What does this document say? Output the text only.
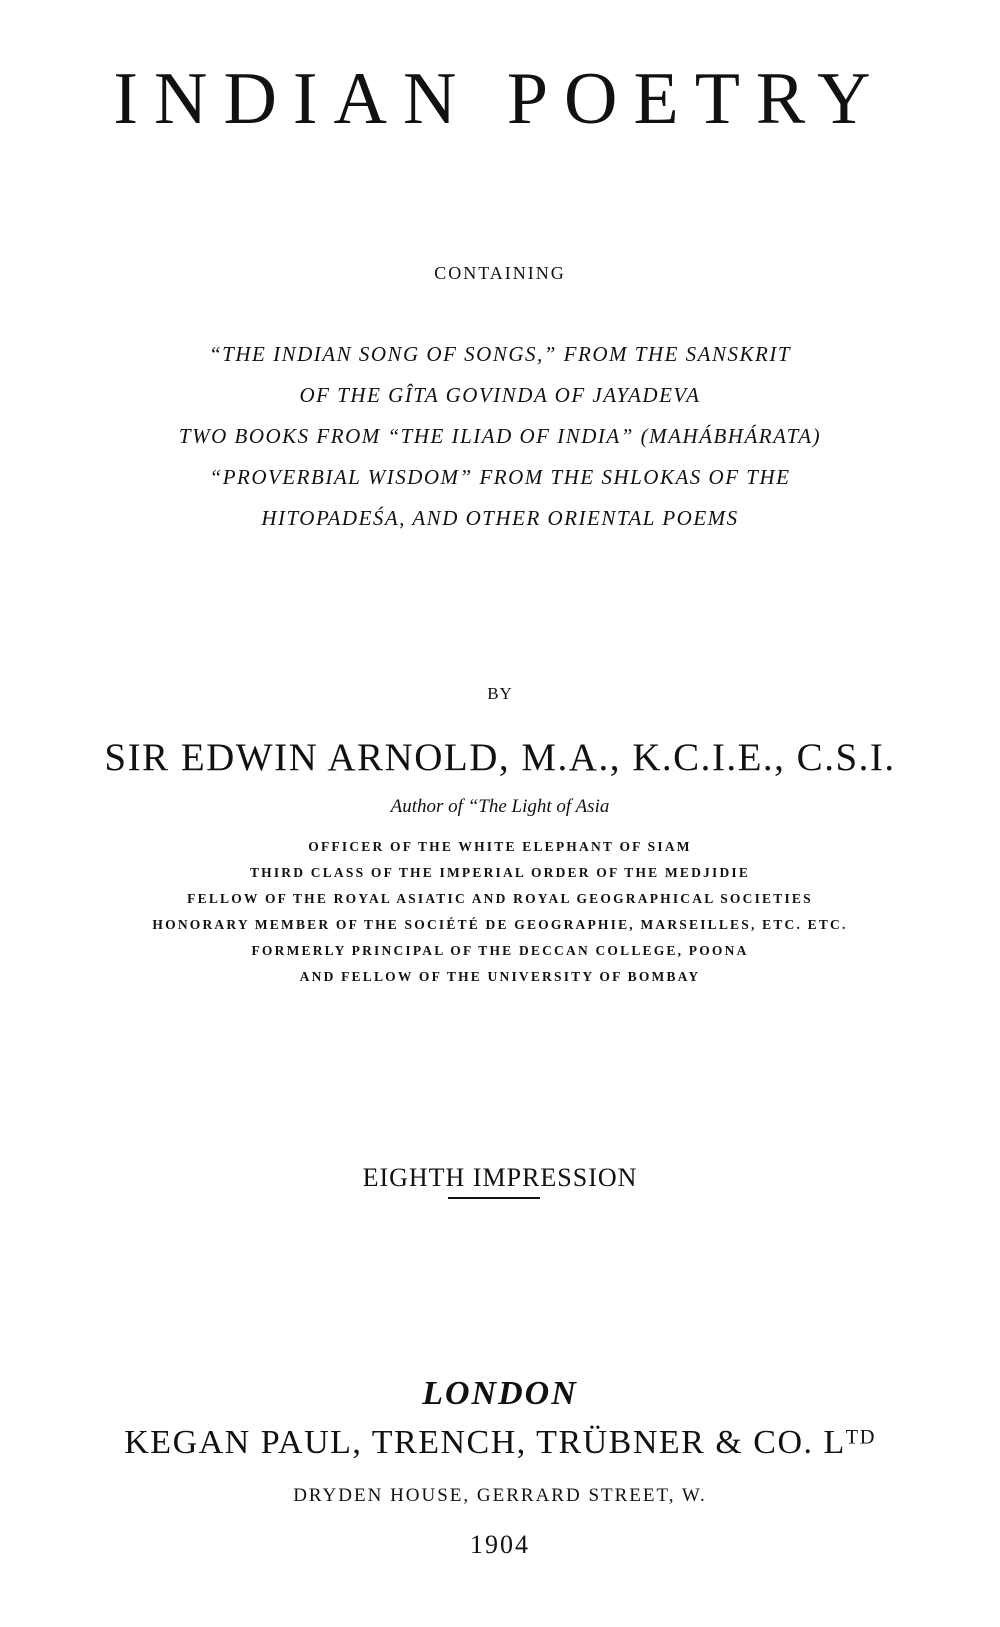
INDIAN POETRY
CONTAINING
“THE INDIAN SONG OF SONGS,” FROM THE SANSKRIT
OF THE GÎTA GOVINDA OF JAYADEVA
TWO BOOKS FROM “THE ILIAD OF INDIA” (MAHÁBHÁRATA)
“PROVERBIAL WISDOM” FROM THE SHLOKAS OF THE
HITOPADEŚA, AND OTHER ORIENTAL POEMS
BY
SIR EDWIN ARNOLD, M.A., K.C.I.E., C.S.I.
Author of “The Light of Asia
OFFICER OF THE WHITE ELEPHANT OF SIAM
THIRD CLASS OF THE IMPERIAL ORDER OF THE MEDJIDIE
FELLOW OF THE ROYAL ASIATIC AND ROYAL GEOGRAPHICAL SOCIETIES
HONORARY MEMBER OF THE SOCIÉTÉ DE GEOGRAPHIE, MARSEILLES, ETC. ETC.
FORMERLY PRINCIPAL OF THE DECCAN COLLEGE, POONA
AND FELLOW OF THE UNIVERSITY OF BOMBAY
EIGHTH IMPRESSION
LONDON
KEGAN PAUL, TRENCH, TRÜBNER & CO. Lᵀᴰ
DRYDEN HOUSE, GERRARD STREET, W.
1904
